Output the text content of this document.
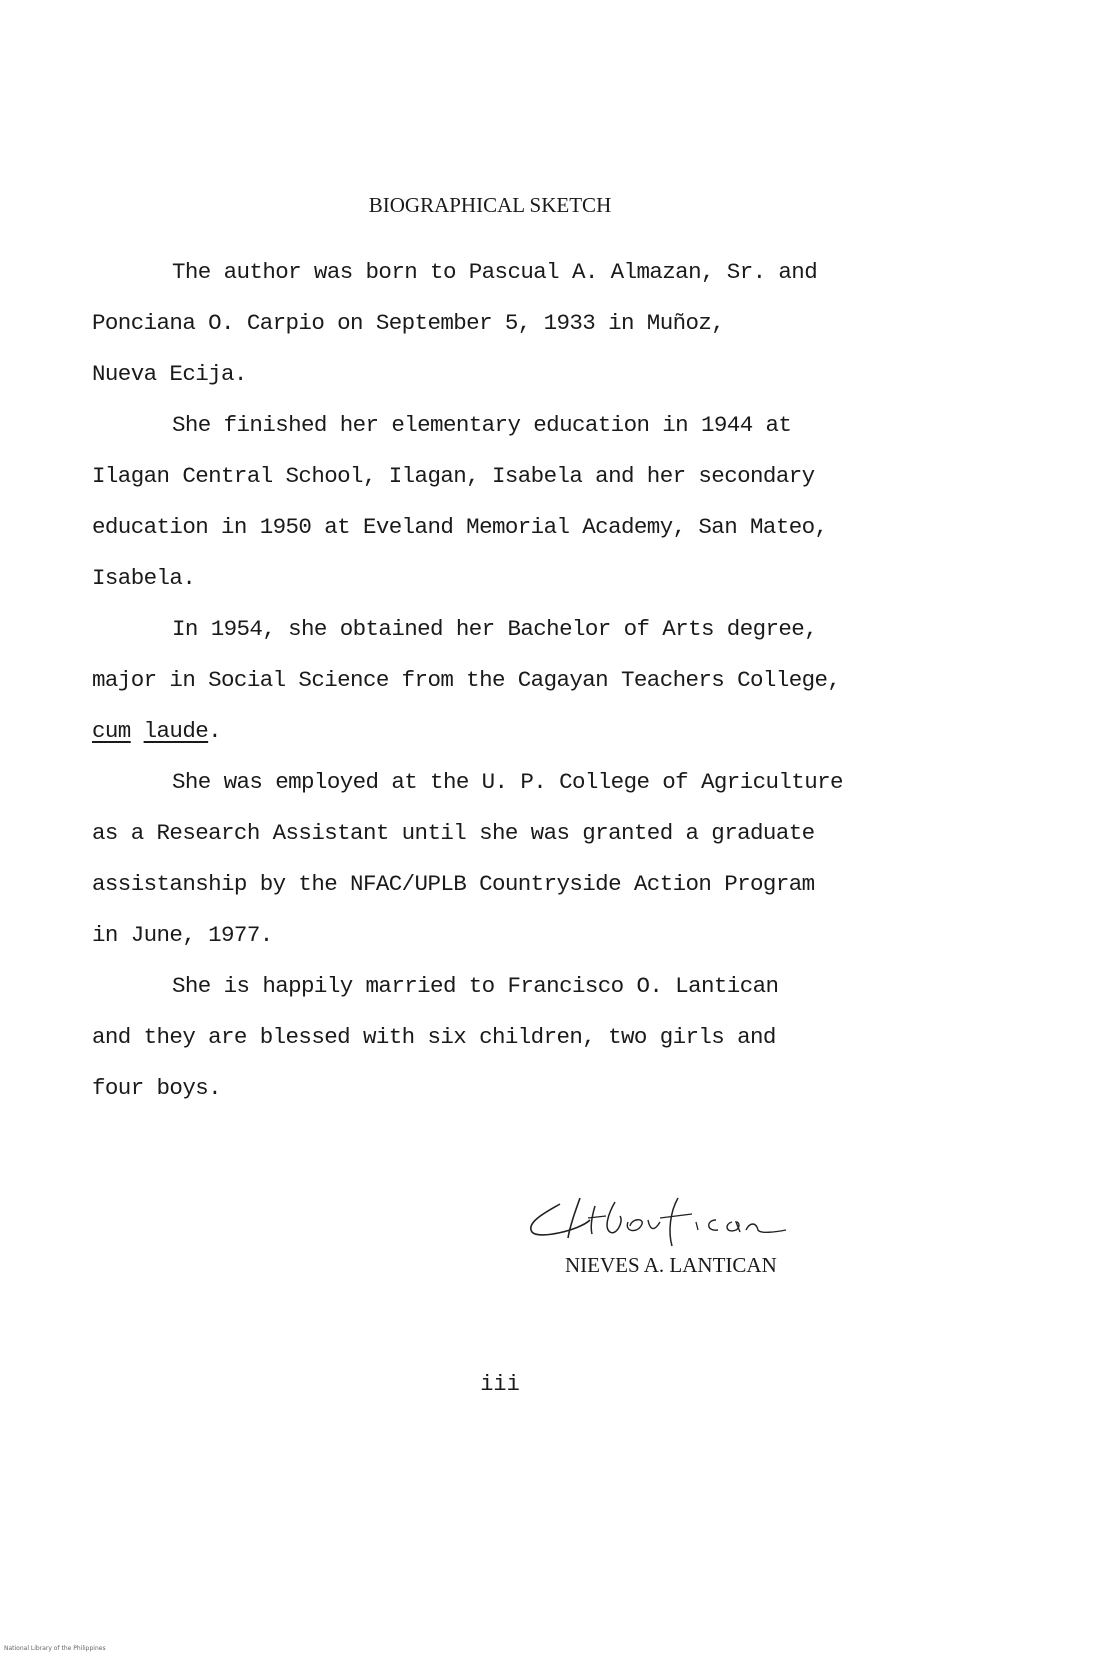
BIOGRAPHICAL SKETCH
The author was born to Pascual A. Almazan, Sr. and
Ponciana O. Carpio on September 5, 1933 in Muñoz,
Nueva Ecija.
She finished her elementary education in 1944 at
Ilagan Central School, Ilagan, Isabela and her secondary
education in 1950 at Eveland Memorial Academy, San Mateo,
Isabela.
In 1954, she obtained her Bachelor of Arts degree,
major in Social Science from the Cagayan Teachers College,
cum laude.
She was employed at the U. P. College of Agriculture
as a Research Assistant until she was granted a graduate
assistanship by the NFAC/UPLB Countryside Action Program
in June, 1977.
She is happily married to Francisco O. Lantican
and they are blessed with six children, two girls and
four boys.
NIEVES A. LANTICAN
iii
National Library of the Philippines
